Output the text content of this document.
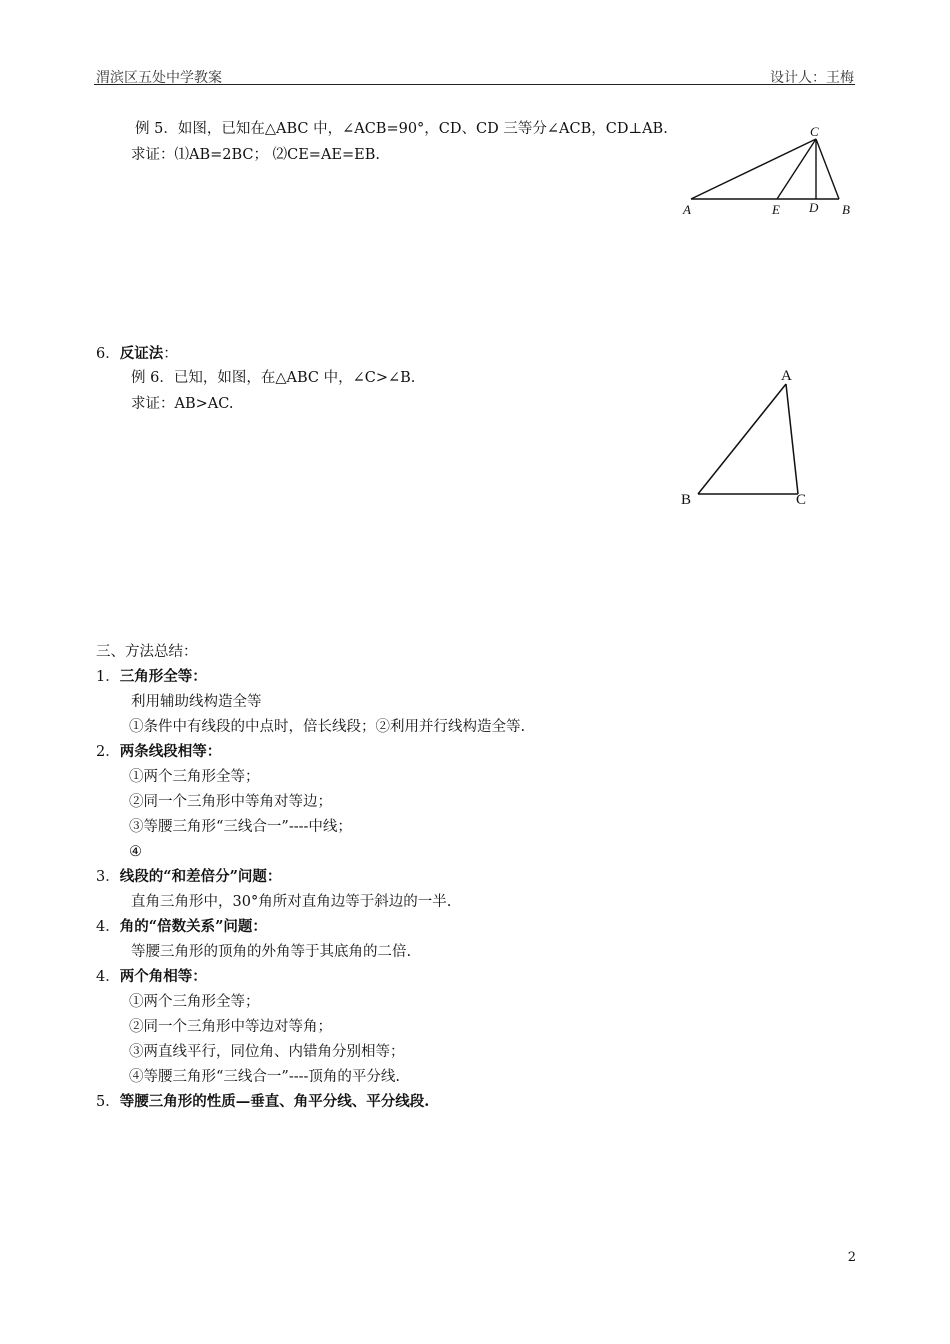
渭滨区五处中学教案	设计人：王梅
例 5．如图，已知在△ABC 中，∠ACB=90°，CD、CD 三等分∠ACB，CD⊥AB.
求证：⑴AB=2BC； ⑵CE=AE=EB.
C
A	E D B
6．反证法：
例 6．已知，如图，在△ABC 中，∠C>∠B.
求证：AB>AC.
A
B	C
三、方法总结：
1．三角形全等：
利用辅助线构造全等
①条件中有线段的中点时，倍长线段；②利用并行线构造全等.
2．两条线段相等：
①两个三角形全等；
②同一个三角形中等角对等边；
③等腰三角形“三线合一”----中线；
④
3．线段的“和差倍分”问题：
直角三角形中，30°角所对直角边等于斜边的一半.
4．角的“倍数关系”问题：
等腰三角形的顶角的外角等于其底角的二倍.
4．两个角相等：
①两个三角形全等；
②同一个三角形中等边对等角；
③两直线平行，同位角、内错角分别相等；
④等腰三角形“三线合一”----顶角的平分线.
5．等腰三角形的性质—垂直、角平分线、平分线段.
2
